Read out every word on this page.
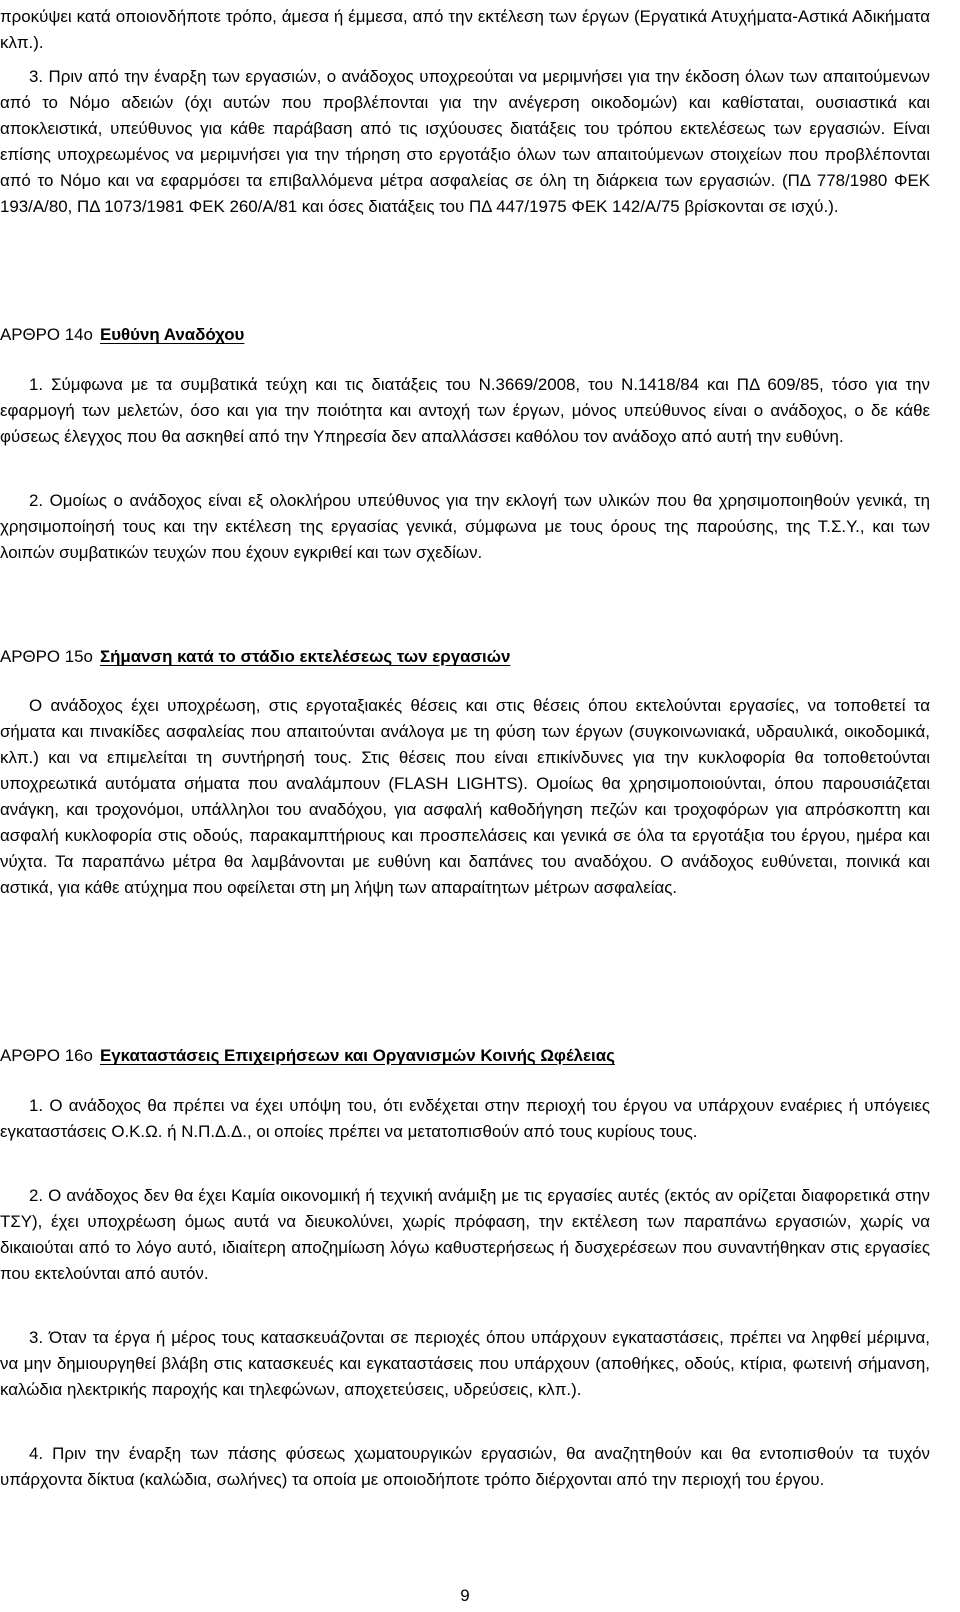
προκύψει κατά οποιονδήποτε τρόπο, άμεσα ή έμμεσα, από την εκτέλεση των έργων (Εργατικά Ατυχήματα-Αστικά Αδικήματα κλπ.).

3. Πριν από την έναρξη των εργασιών, ο ανάδοχος υποχρεούται να μεριμνήσει για την έκδοση όλων των απαιτούμενων από το Νόμο αδειών (όχι αυτών που προβλέπονται για την ανέγερση οικοδομών) και καθίσταται, ουσιαστικά και αποκλειστικά, υπεύθυνος για κάθε παράβαση από τις ισχύουσες διατάξεις του τρόπου εκτελέσεως των εργασιών. Είναι επίσης υποχρεωμένος να μεριμνήσει για την τήρηση στο εργοτάξιο όλων των απαιτούμενων στοιχείων που προβλέπονται από το Νόμο και να εφαρμόσει τα επιβαλλόμενα μέτρα ασφαλείας σε όλη τη διάρκεια των εργασιών. (ΠΔ 778/1980 ΦΕΚ 193/Α/80, ΠΔ 1073/1981 ΦΕΚ 260/Α/81 και όσες διατάξεις του ΠΔ 447/1975 ΦΕΚ 142/Α/75 βρίσκονται σε ισχύ.).

ΑΡΘΡΟ 14ο Ευθύνη Αναδόχου

1. Σύμφωνα με τα συμβατικά τεύχη και τις διατάξεις του Ν.3669/2008, του Ν.1418/84 και ΠΔ 609/85, τόσο για την εφαρμογή των μελετών, όσο και για την ποιότητα και αντοχή των έργων, μόνος υπεύθυνος είναι ο ανάδοχος, ο δε κάθε φύσεως έλεγχος που θα ασκηθεί από την Υπηρεσία δεν απαλλάσσει καθόλου τον ανάδοχο από αυτή την ευθύνη.

2. Ομοίως ο ανάδοχος είναι εξ ολοκλήρου υπεύθυνος για την εκλογή των υλικών που θα χρησιμοποιηθούν γενικά, τη χρησιμοποίησή τους και την εκτέλεση της εργασίας γενικά, σύμφωνα με τους όρους της παρούσης, της Τ.Σ.Υ., και των λοιπών συμβατικών τευχών που έχουν εγκριθεί και των σχεδίων.

ΑΡΘΡΟ 15ο Σήμανση κατά το στάδιο εκτελέσεως των εργασιών

Ο ανάδοχος έχει υποχρέωση, στις εργοταξιακές θέσεις και στις θέσεις όπου εκτελούνται εργασίες, να τοποθετεί τα σήματα και πινακίδες ασφαλείας που απαιτούνται ανάλογα με τη φύση των έργων (συγκοινωνιακά, υδραυλικά, οικοδομικά, κλπ.) και να επιμελείται τη συντήρησή τους. Στις θέσεις που είναι επικίνδυνες για την κυκλοφορία θα τοποθετούνται υποχρεωτικά αυτόματα σήματα που αναλάμπουν (FLASH LIGHTS). Ομοίως θα χρησιμοποιούνται, όπου παρουσιάζεται ανάγκη, και τροχονόμοι, υπάλληλοι του αναδόχου, για ασφαλή καθοδήγηση πεζών και τροχοφόρων για απρόσκοπτη και ασφαλή κυκλοφορία στις οδούς, παρακαμπτήριους και προσπελάσεις και γενικά σε όλα τα εργοτάξια του έργου, ημέρα και νύχτα. Τα παραπάνω μέτρα θα λαμβάνονται με ευθύνη και δαπάνες του αναδόχου. Ο ανάδοχος ευθύνεται, ποινικά και αστικά, για κάθε ατύχημα που οφείλεται στη μη λήψη των απαραίτητων μέτρων ασφαλείας.

ΑΡΘΡΟ 16ο Εγκαταστάσεις Επιχειρήσεων και Οργανισμών Κοινής Ωφέλειας

1. Ο ανάδοχος θα πρέπει να έχει υπόψη του, ότι ενδέχεται στην περιοχή του έργου να υπάρχουν εναέριες ή υπόγειες εγκαταστάσεις Ο.Κ.Ω. ή Ν.Π.Δ.Δ., οι οποίες πρέπει να μετατοπισθούν από τους κυρίους τους.

2. Ο ανάδοχος δεν θα έχει Καμία οικονομική ή τεχνική ανάμιξη με τις εργασίες αυτές (εκτός αν ορίζεται διαφορετικά στην ΤΣΥ), έχει υποχρέωση όμως αυτά να διευκολύνει, χωρίς πρόφαση, την εκτέλεση των παραπάνω εργασιών, χωρίς να δικαιούται από το λόγο αυτό, ιδιαίτερη αποζημίωση λόγω καθυστερήσεως ή δυσχερέσεων που συναντήθηκαν στις εργασίες που εκτελούνται από αυτόν.

3. Όταν τα έργα ή μέρος τους κατασκευάζονται σε περιοχές όπου υπάρχουν εγκαταστάσεις, πρέπει να ληφθεί μέριμνα, να μην δημιουργηθεί βλάβη στις κατασκευές και εγκαταστάσεις που υπάρχουν (αποθήκες, οδούς, κτίρια, φωτεινή σήμανση, καλώδια ηλεκτρικής παροχής και τηλεφώνων, αποχετεύσεις, υδρεύσεις, κλπ.).

4. Πριν την έναρξη των πάσης φύσεως χωματουργικών εργασιών, θα αναζητηθούν και θα εντοπισθούν τα τυχόν υπάρχοντα δίκτυα (καλώδια, σωλήνες) τα οποία με οποιοδήποτε τρόπο διέρχονται από την περιοχή του έργου.

9
